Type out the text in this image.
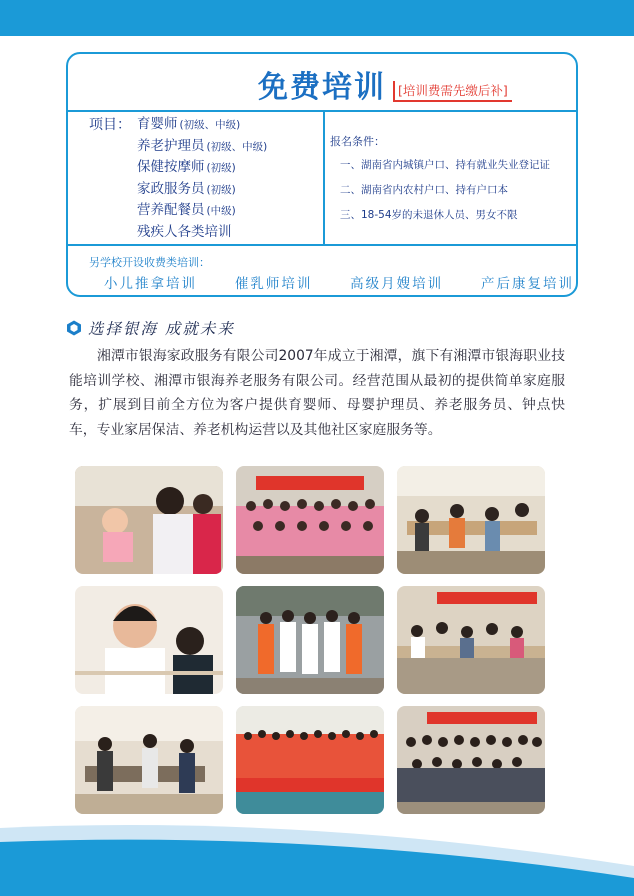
免费培训 [培训费需先缴后补]
项目： 育婴师 (初级、中级)
养老护理员 (初级、中级)
保健按摩师 (初级)
家政服务员 (初级)
营养配餐员 (中级)
残疾人各类培训
报名条件：
一、湖南省内城镇户口、持有就业失业登记证
二、湖南省内农村户口、持有户口本
三、18-54岁的未退休人员、男女不限
另学校开设收费类培训：
小儿推拿培训	催乳师培训	高级月嫂培训	产后康复培训
选择银海 成就未来
湘潭市银海家政服务有限公司2007年成立于湘潭，旗下有湘潭市银海职业技能培训学校、湘潭市银海养老服务有限公司。经营范围从最初的提供简单家庭服务，扩展到目前全方位为客户提供育婴师、母婴护理员、养老服务员、钟点快车，专业家居保洁、养老机构运营以及其他社区家庭服务等。
